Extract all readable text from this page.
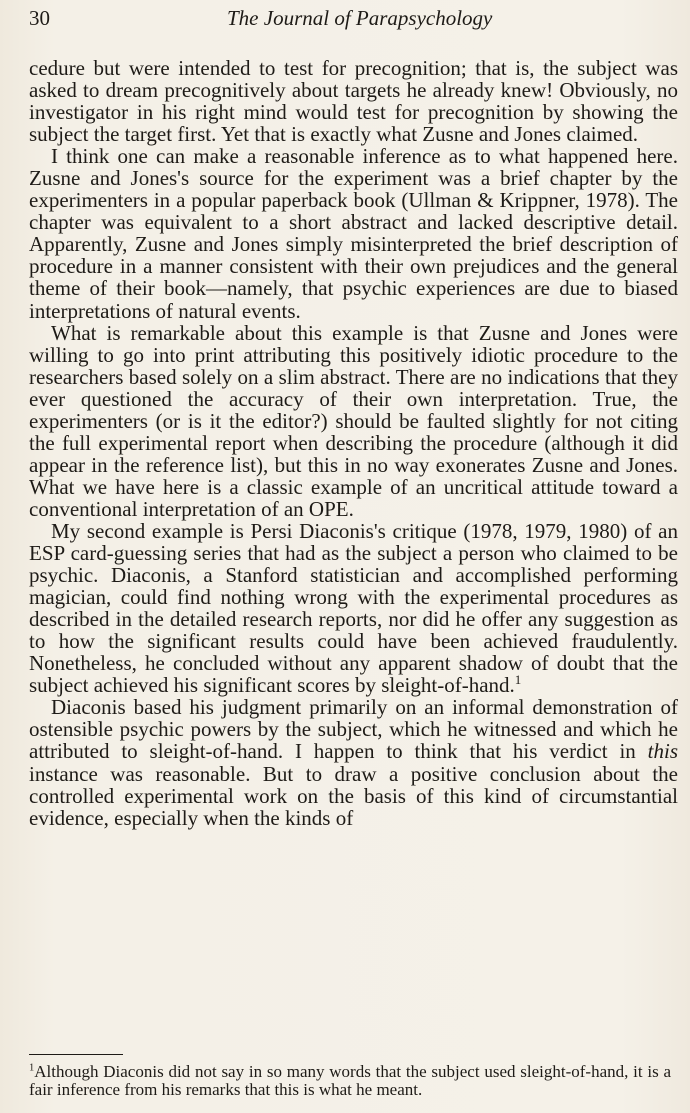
30	The Journal of Parapsychology

cedure but were intended to test for precognition; that is, the subject was asked to dream precognitively about targets he already knew! Obviously, no investigator in his right mind would test for precognition by showing the subject the target first. Yet that is exactly what Zusne and Jones claimed.

I think one can make a reasonable inference as to what happened here. Zusne and Jones's source for the experiment was a brief chapter by the experimenters in a popular paperback book (Ullman & Krippner, 1978). The chapter was equivalent to a short abstract and lacked descriptive detail. Apparently, Zusne and Jones simply misinterpreted the brief description of procedure in a manner consistent with their own prejudices and the general theme of their book—namely, that psychic experiences are due to biased interpretations of natural events.

What is remarkable about this example is that Zusne and Jones were willing to go into print attributing this positively idiotic procedure to the researchers based solely on a slim abstract. There are no indications that they ever questioned the accuracy of their own interpretation. True, the experimenters (or is it the editor?) should be faulted slightly for not citing the full experimental report when describing the procedure (although it did appear in the reference list), but this in no way exonerates Zusne and Jones. What we have here is a classic example of an uncritical attitude toward a conventional interpretation of an OPE.

My second example is Persi Diaconis's critique (1978, 1979, 1980) of an ESP card-guessing series that had as the subject a person who claimed to be psychic. Diaconis, a Stanford statistician and accomplished performing magician, could find nothing wrong with the experimental procedures as described in the detailed research reports, nor did he offer any suggestion as to how the significant results could have been achieved fraudulently. Nonetheless, he concluded without any apparent shadow of doubt that the subject achieved his significant scores by sleight-of-hand.$^1$

Diaconis based his judgment primarily on an informal demonstration of ostensible psychic powers by the subject, which he witnessed and which he attributed to sleight-of-hand. I happen to think that his verdict in this instance was reasonable. But to draw a positive conclusion about the controlled experimental work on the basis of this kind of circumstantial evidence, especially when the kinds of

$^1$Although Diaconis did not say in so many words that the subject used sleight-of-hand, it is a fair inference from his remarks that this is what he meant.
